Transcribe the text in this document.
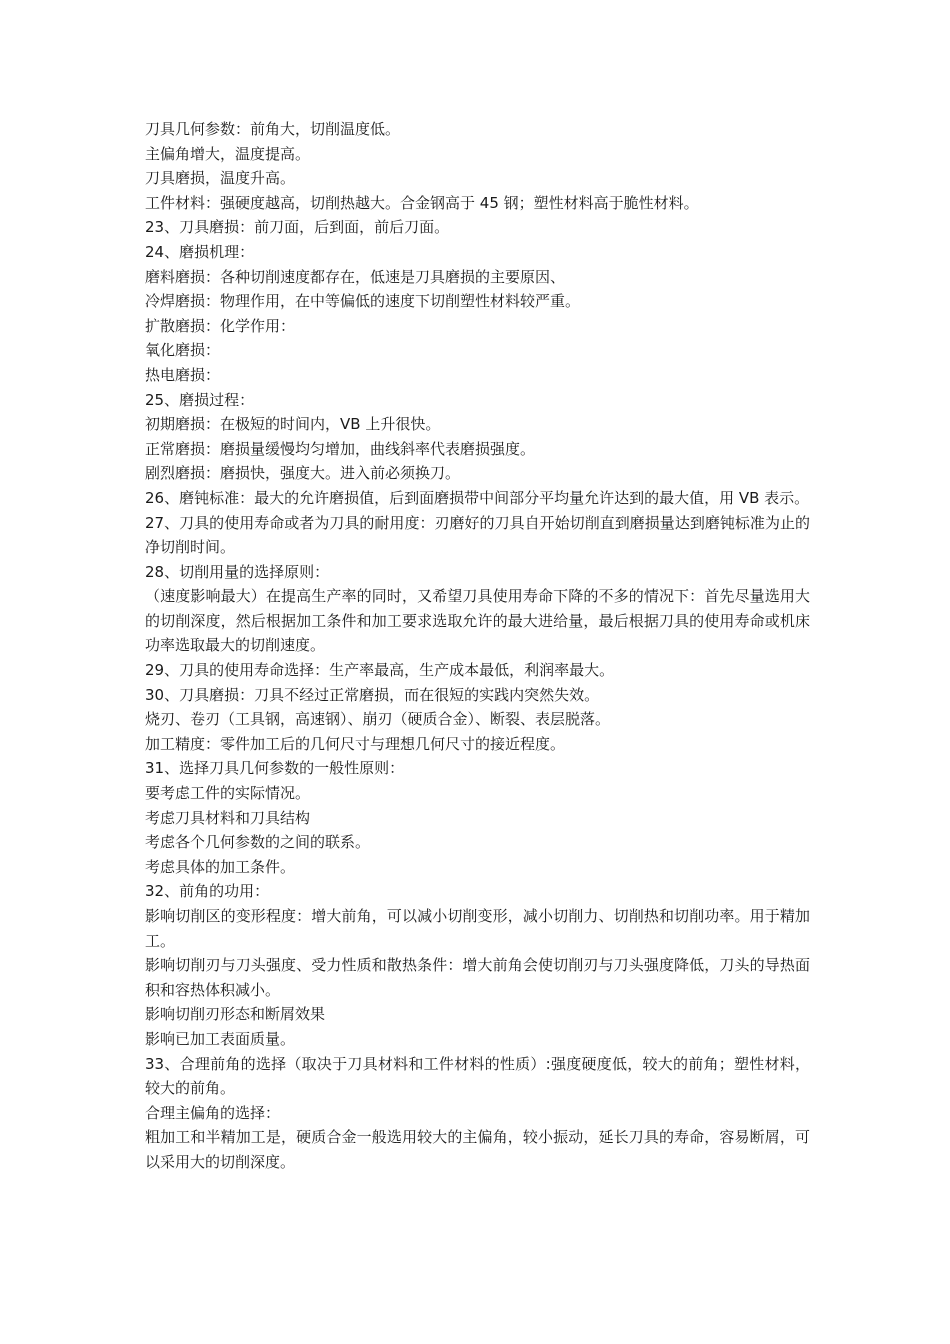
刀具几何参数：前角大，切削温度低。

主偏角增大，温度提高。

刀具磨损，温度升高。

工件材料：强硬度越高，切削热越大。合金钢高于 45 钢；塑性材料高于脆性材料。

23、刀具磨损：前刀面，后到面，前后刀面。

24、磨损机理：

磨料磨损：各种切削速度都存在，低速是刀具磨损的主要原因、

冷焊磨损：物理作用，在中等偏低的速度下切削塑性材料较严重。

扩散磨损：化学作用：

氧化磨损：

热电磨损：

25、磨损过程：

初期磨损：在极短的时间内，VB 上升很快。

正常磨损：磨损量缓慢均匀增加，曲线斜率代表磨损强度。

剧烈磨损：磨损快，强度大。进入前必须换刀。

26、磨钝标准：最大的允许磨损值，后到面磨损带中间部分平均量允许达到的最大值，用 VB 表示。

27、刀具的使用寿命或者为刀具的耐用度：刃磨好的刀具自开始切削直到磨损量达到磨钝标准为止的净切削时间。

28、切削用量的选择原则：

（速度影响最大）在提高生产率的同时，又希望刀具使用寿命下降的不多的情况下：首先尽量选用大的切削深度，然后根据加工条件和加工要求选取允许的最大进给量，最后根据刀具的使用寿命或机床功率选取最大的切削速度。

29、刀具的使用寿命选择：生产率最高，生产成本最低，利润率最大。

30、刀具磨损：刀具不经过正常磨损，而在很短的实践内突然失效。

烧刃、卷刃（工具钢，高速钢）、崩刃（硬质合金）、断裂、表层脱落。

加工精度：零件加工后的几何尺寸与理想几何尺寸的接近程度。

31、选择刀具几何参数的一般性原则：

要考虑工件的实际情况。

考虑刀具材料和刀具结构

考虑各个几何参数的之间的联系。

考虑具体的加工条件。

32、前角的功用：

影响切削区的变形程度：增大前角，可以减小切削变形，减小切削力、切削热和切削功率。用于精加工。

影响切削刃与刀头强度、受力性质和散热条件：增大前角会使切削刃与刀头强度降低，刀头的导热面积和容热体积减小。

影响切削刃形态和断屑效果

影响已加工表面质量。

33、合理前角的选择（取决于刀具材料和工件材料的性质）:强度硬度低，较大的前角；塑性材料，较大的前角。

合理主偏角的选择：

粗加工和半精加工是，硬质合金一般选用较大的主偏角，较小振动，延长刀具的寿命，容易断屑，可以采用大的切削深度。
